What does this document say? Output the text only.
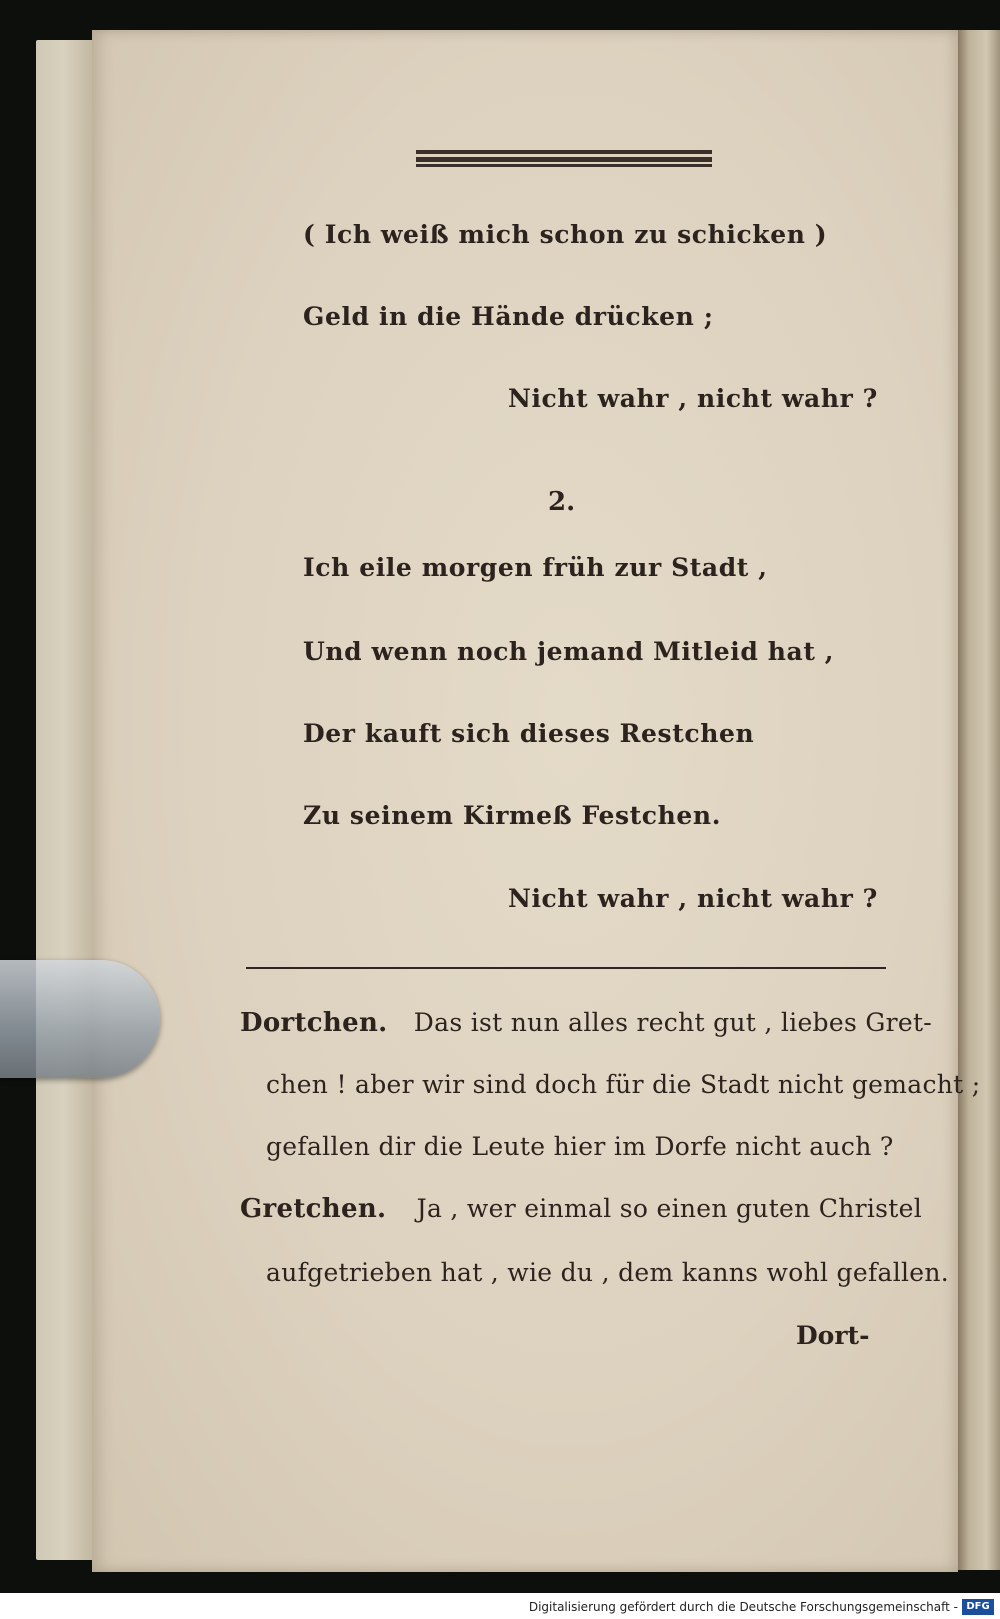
( Ich weiß mich schon zu schicken )
Geld in die Hände drücken ;
Nicht wahr , nicht wahr ?
2.
Ich eile morgen früh zur Stadt ,
Und wenn noch jemand Mitleid hat ,
Der kauft sich dieses Restchen
Zu seinem Kirmeß Festchen.
Nicht wahr , nicht wahr ?
Dortchen. Das ist nun alles recht gut , liebes Gret-
chen ! aber wir sind doch für die Stadt nicht gemacht ;
gefallen dir die Leute hier im Dorfe nicht auch ?
Gretchen. Ja , wer einmal so einen guten Christel
aufgetrieben hat , wie du , dem kanns wohl gefallen.
Dort-
Digitalisierung gefördert durch die Deutsche Forschungsgemeinschaft - DFG
